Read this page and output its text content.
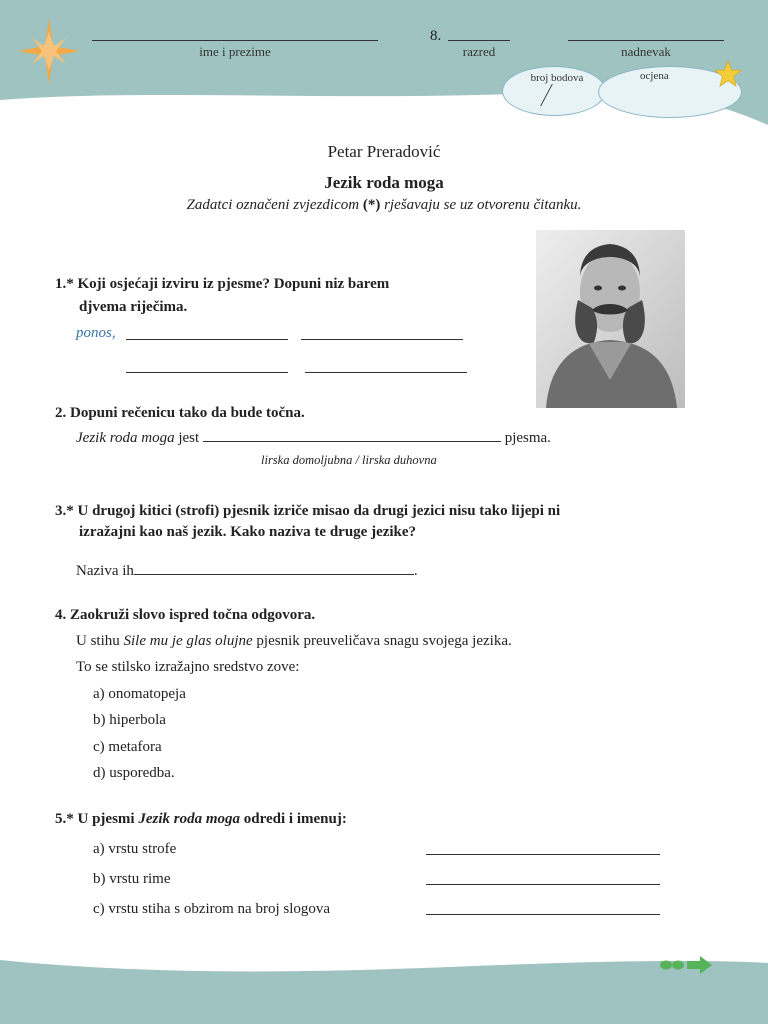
ime i prezime
8.
razred	nadnevak
broj bodova	ocjena
Petar Preradović
Jezik roda moga
Zadatci označeni zvjezdicom (*) rješavaju se uz otvorenu čitanku.
1.* Koji osjećaji izviru iz pjesme? Dopuni niz barem
djvema riječima.
ponos,
2. Dopuni rečenicu tako da bude točna.
Jezik roda moga jest	pjesma.
lirska domoljubna / lirska duhovna
3.* U drugoj kitici (strofi) pjesnik izriče misao da drugi jezici nisu tako lijepi ni
izražajni kao naš jezik. Kako naziva te druge jezike?
Naziva ih	.
4. Zaokruži slovo ispred točna odgovora.
U stihu Sile mu je glas olujne pjesnik preuveličava snagu svojega jezika.
To se stilsko izražajno sredstvo zove:
a) onomatopeja
b) hiperbola
c) metafora
d) usporedba.
5.* U pjesmi Jezik roda moga odredi i imenuj:
a) vrstu strofe
b) vrstu rime
c) vrstu stiha s obzirom na broj slogova
